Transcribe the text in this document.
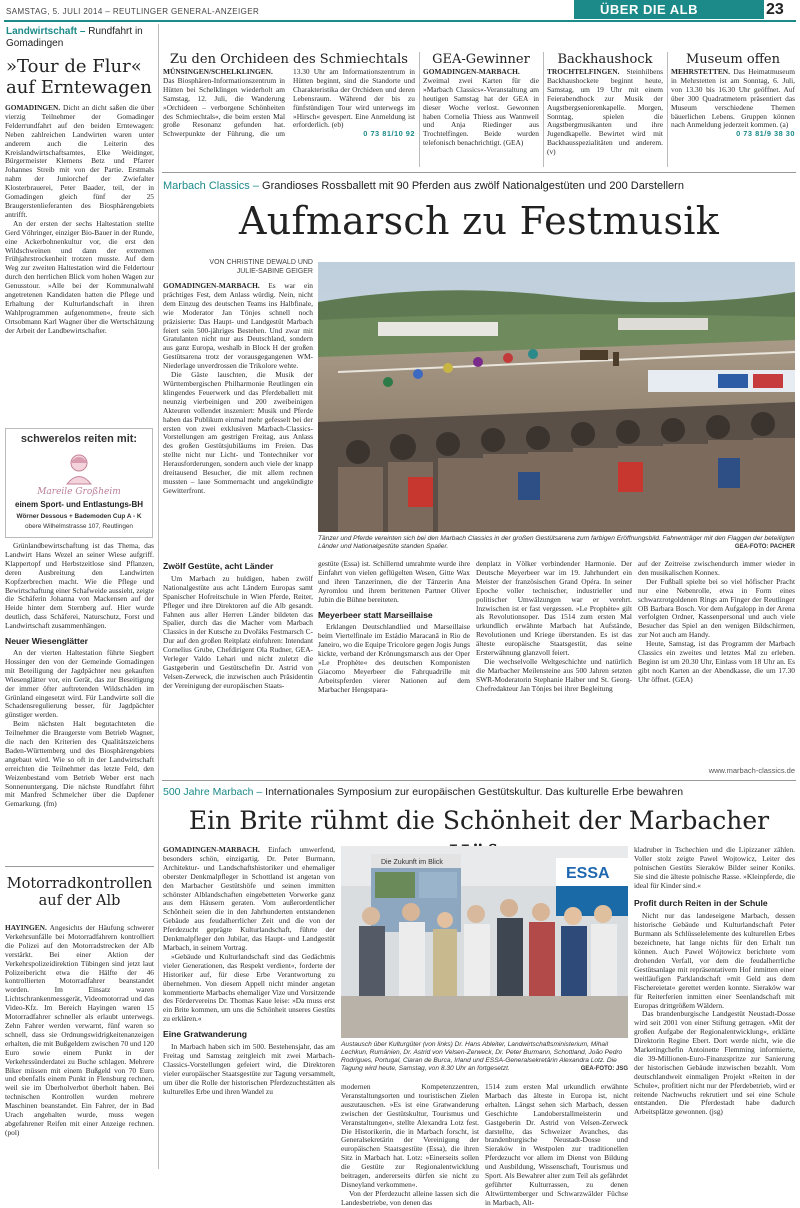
SAMSTAG, 5. JULI 2014 – REUTLINGER GENERAL-ANZEIGER	ÜBER DIE ALB	23
Landwirtschaft – Rundfahrt in Gomadingen
»Tour de Flur« auf Erntewagen

GOMADINGEN. Dicht an dicht saßen die über vierzig Teilnehmer der Gomadinger Felderrundfahrt auf den beiden Erntewagen: Neben zahlreichen Landwirten waren unter anderem auch die Leiterin des Kreislandwirtschaftsamtes, Elke Weidinger, Bürgermeister Klemens Betz und Pfarrer Johannes Streib mit von der Partie. Erstmals nahm der Juniorchef der Zwiefalter Klosterbrauerei, Peter Baader, teil, der in Gomadingen gleich fünf der 25 Braugerstenlieferanten des Biosphärengebiets antrifft.

An der ersten der sechs Haltestation stellte Gerd Vöhringer, einziger Bio-Bauer in der Runde, eine Ackerbohnenkultur vor, die erst den Wildschweinen und dann der extremen Frühjahrstrockenheit trotzen musste. Auf dem Weg zur zweiten Haltestation wird die Feldertour durch den herrlichen Blick vom hohen Wagen zur Genusstour. »Alle bei der Kommunalwahl angetretenen Kandidaten hatten die Pflege und Erhaltung der Kulturlandschaft in ihren Wahlprogrammen aufgenommen«, freute sich Ortsobmann Karl Wagner über die Wertschätzung der Arbeit der Landbewirtschafter.

schwerelos reiten mit:
Mareile Großheim
einem Sport- und Entlastungs-BH
Wörner Dessous + Bademoden Cup A - K
obere Wilhelmstrasse 107, Reutlingen

Grünlandbewirtschaftung ist das Thema, das Landwirt Hans Wezel an seiner Wiese aufgriff. Klappertopf und Herbstzeitlose sind Pflanzen, deren Ausbreitung den Landwirten Kopfzerbrechen macht. Wie die Pflege und Bewirtschaftung einer Schafweide aussieht, zeigte die Schäferin Johanna von Mackensen auf der Heide hinter dem Sternberg auf. Hier wurde deutlich, dass Schäferei, Naturschutz, Forst und Landwirtschaft zusammenhängen.

Neuer Wiesenglätter

An der vierten Haltestation führte Siegbert Hossinger den von der Gemeinde Gomadingen mit Beteiligung der Jagdpächter neu gekauften Wiesenglätter vor, ein Gerät, das zur Beseitigung der immer öfter auftretenden Wildschäden im Grünland eingesetzt wird. Für Landwirte soll die Schadensregulierung besser, für Jagdpächter günstiger werden.

Beim nächsten Halt begutachteten die Teilnehmer die Braugerste vom Betrieb Wagner, die nach den Kriterien des Qualitätszeichens Baden-Württemberg und des Biosphärengebiets angebaut wird. Wie so oft in der Landwirtschaft erreichten die Teilnehmer das letzte Feld, den Weizenbestand vom Betrieb Weber erst nach Sonnenuntergang. Die nächste Rundfahrt führt mit Manfred Schmelcher über die Dapfener Gemarkung. (fm)

Motorradkontrollen auf der Alb

HAYINGEN. Angesichts der Häufung schwerer Verkehrsunfälle bei Motorradfahrern kontrolliert die Polizei auf den Motorradstrecken der Alb verstärkt. Bei einer Aktion der Verkehrspolizeidirektion Tübingen sind jetzt laut Polizeibericht etwa die Hälfte der 46 kontrollierten Motorradfahrer beanstandet worden. Im Einsatz waren Lichtschrankenmessgerät, Videomotorrad und das Video-Kfz. Im Bereich Hayingen waren 15 Motorradfahrer schneller als erlaubt unterwegs. Zehn Fahrer werden verwarnt, fünf waren so schnell, dass sie Ordnungswidrigkeitenanzeigen erhalten, die mit Bußgeldern zwischen 70 und 120 Euro sowie einem Punkt in der Verkehrssünderdatei zu Buche schlagen. Mehrere Biker müssen mit einem Bußgeld von 70 Euro und ebenfalls einem Punkt in Flensburg rechnen, weil sie im Überholverbot überholt haben. Bei technischen Kontrollen wurden mehrere Maschinen beanstandet. Ein Fahrer, der in Bad Urach angehalten wurde, muss wegen abgefahrener Reifen mit einer Anzeige rechnen. (pol)

Zu den Orchideen des Schmiechtals

MÜNSINGEN/SCHELKLINGEN. Das Biosphären-Informationszentrum in Hütten bei Schelklingen wiederholt am Samstag, 12. Juli, die Wanderung »Orchideen – verborgene Schönheiten des Schmiechtals«, die beim ersten Mal große Resonanz gefunden hat. Schwerpunkte der Führung, die um 13.30 Uhr am Informationszentrum in Hütten beginnt, sind die Standorte und Charakteristika der Orchideen und deren Lebensraum. Während der bis zu fünfstündigen Tour wird unterwegs im »Hirsch« gevespert. Eine Anmeldung ist erforderlich. (eb)

0 73 81/10 92

GEA-Gewinner

GOMADINGEN-MARBACH. Zweimal zwei Karten für die »Marbach Classics«-Veranstaltung am heutigen Samstag hat der GEA in dieser Woche verlost. Gewonnen haben Cornelia Thiess aus Wannweil und Anja Riedinger aus Trochtelfingen. Beide wurden telefonisch benachrichtigt. (GEA)

Backhaushock

TROCHTELFINGEN. Steinhilbens Backhaushockete beginnt heute, Samstag, um 19 Uhr mit einem Feierabendhock zur Musik der Augstbergseniorenkapelle. Morgen, Sonntag, spielen die Augstbergmusikanten und ihre Jugendkapelle. Bewirtet wird mit Backhausspezialitäten und anderem. (v)

Museum offen

MEHRSTETTEN. Das Heimatmuseum in Mehrstetten ist am Sonntag, 6. Juli, von 13.30 bis 16.30 Uhr geöffnet. Auf über 300 Quadratmetern präsentiert das Museum verschiedene Themen bäuerlichen Lebens. Gruppen können nach Anmeldung jederzeit kommen. (a)

0 73 81/9 38 30

Marbach Classics – Grandioses Rossballett mit 90 Pferden aus zwölf Nationalgestüten und 200 Darstellern
Aufmarsch zu Festmusik
VON CHRISTINE DEWALD UND
JULIE-SABINE GEIGER

GOMADINGEN-MARBACH. Es war ein prächtiges Fest, dem Anlass würdig. Nein, nicht dem Einzug des deutschen Teams ins Halbfinale, wie Moderator Jan Tönjes schnell noch präzisierte: Das Haupt- und Landgestüt Marbach feiert sein 500-jähriges Bestehen. Und zwar mit Gratulanten nicht nur aus Deutschland, sondern aus ganz Europa, weshalb in Block H der großen Gestütsarena trotz der vorausgegangenen WM-Niederlage unverdrossen die Trikolore wehte.

Die Gäste lauschten, die Musik der Württembergischen Philharmonie Reutlingen ein klingendes Feuerwerk und das Pferdeballett mit neunzig vierbeinigen und 200 zweibeinigen Akteuren vollendet inszeniert: Musik und Pferde haben das Publikum einmal mehr gefesselt bei der ersten von zwei exklusiven Marbach-Classics-Vorstellungen am gestrigen Freitag, aus Anlass des großen Gestütsjubiläums im Freien. Das stellte nicht nur Licht- und Tontechniker vor Herausforderungen, sondern auch viele der knapp dreitausend Besucher, die mit allem rechnen mussten – laue Sommernacht und angekündigte Gewitterfront.

Tänzer und Pferde vereinten sich bei den Marbach Classics in der großen Gestütsarena zum farbigen Eröffnungsbild. Fahnenträger mit den Flaggen der beteiligten Länder und Nationalgestüte standen Spalier.	GEA-FOTO: PACHER
Zwölf Gestüte, acht Länder

Um Marbach zu huldigen, haben zwölf Nationalgestüte aus acht Ländern Europas samt Spanischer Hofreitschule in Wien Pferde, Reiter, Pfleger und ihre Direktoren auf die Alb gesandt. Fahnen aus aller Herren Länder bildeten das Spalier, durch das die Macher vom Marbach Classics in der Kutsche zu Dvořáks Festmarsch C-Dur auf den großen Reitplatz einfuhren: Intendant Cornelius Grube, Chefdirigent Ola Rudner, GEA-Verleger Valdo Lehari und nicht zuletzt die Gastgeberin und Gestütschefin Dr. Astrid von Velsen-Zerweck, die inzwischen auch Präsidentin der Vereinigung der europäischen Staats-

gestüte (Essa) ist. Schillernd umrahmte wurde ihre Einfahrt von vielen geflügelten Wesen, Gitte Wax und ihren Tanzerinnen, die der Tänzerin Ana Ayromlou und ihrem berittenen Partner Oliver Jubin die Bühne bereiteten.

Meyerbeer statt Marseillaise

Erklangen Deutschlandlied und Marseillaise beim Viertelfinale im Estádio Maracanã in Rio de Janeiro, wo die Equipe Tricolore gegen Jogis Jungs kickte, verband der Krönungsmarsch aus der Oper »Le Prophète« des deutschen Komponisten Giacomo Meyerbeer die Fahrquadrille mit Arbeitspferden vierer Nationen auf dem Marbacher Hengstpara-

denplatz in Völker verbindender Harmonie. Der Deutsche Meyerbeer war im 19. Jahrhundert ein Meister der französischen Grand Opéra. In seiner Epoche voller technischer, industrieller und politischer Umwälzungen war er verehrt. Inzwischen ist er fast vergessen. »Le Prophète« gilt als Revolutionsoper. Das 1514 zum ersten Mal urkundlich erwähnte Marbach hat Aufstände, Revolutionen und Kriege überstanden. Es ist das älteste europäische Staatsgestüt, das seine Ersterwähnung glanzvoll feiert.

Die wechselvolle Weltgeschichte und natürlich die Marbacher Meilensteine aus 500 Jahren setzten SWR-Moderatorin Stephanie Haiber und St. Georg-Chefredakteur Jan Tönjes bei ihrer Begleitung

auf der Zeitreise zwischendurch immer wieder in den musikalischen Konnex.

Der Fußball spielte bei so viel höfischer Pracht nur eine Nebenrolle, etwa in Form eines schwarzrotgoldenen Rings am Finger der Reutlinger OB Barbara Bosch. Vor dem Aufgalopp in der Arena verfolgten Ordner, Kassenpersonal und auch viele Besucher das Spiel an den wenigen Bildschirmen, zur Not auch am Handy.

Heute, Samstag, ist das Programm der Marbach Classics ein zweites und letztes Mal zu erleben. Beginn ist um 20.30 Uhr, Einlass vom 18 Uhr an. Es gibt noch Karten an der Abendkasse, die um 17.30 Uhr öffnet. (GEA)

www.marbach-classics.de
500 Jahre Marbach – Internationales Symposium zur europäischen Gestütskultur. Das kulturelle Erbe bewahren
Ein Brite rühmt die Schönheit der Marbacher

GOMADINGEN-MARBACH. Einfach umwerfend, besonders schön, einzigartig. Dr. Peter Burmann, Architektur- und Landschaftshistoriker und ehemaliger oberster Denkmalpfleger in Schottland ist angetan von den Marbacher Gestütshöfe und seinen immitten schönster Alblandschaften eingebetteten Vorwerke ganz aus dem Häusern geraten. Vom außerordentlicher Schönheit seien die in den Jahrhunderten entstandenen Gebäude aus feudalherrlicher Zeit und die von der Pferdezucht geprägte Kulturlandschaft, führte der Denkmalpfleger den Jubilar, das Haupt- und Landgestüt Marbach, in seinem Vortrag.

»Gebäude und Kulturlandschaft sind das Gedächtnis vieler Generationen, das Respekt verdient«, forderte der Historiker auf, für diese Erbe Verantwortung zu übernehmen. Von diesem Appell nicht minder angetan kommentierte Marbachs ehemaliger Vize und Vorsitzende des Fördervereins Dr. Thomas Kaue leise: »Da muss erst ein Brite kommen, um uns die Schönheit unseres Gestüts zu erklären.«

Eine Gratwanderung

In Marbach haben sich im 500. Bestehensjahr, das am Freitag und Samstag zeitgleich mit zwei Marbach-Classics-Vorstellungen gefeiert wird, die Direktoren vieler europäischer Staatsgestüte zur Tagung versammelt, um über die Rolle der historischen Pferdezuchtstätten als kulturelles Erbe und ihren Wandel zu

Die Zukunft im Blick
ESSA
Austausch über Kulturgüter (von links) Dr. Hans Ableiter, Landwirtschaftsministerium, Mihail Lechkun, Rumänien, Dr. Astrid von Velsen-Zerweck, Dr. Peter Burmann, Schottland, João Pedro Rodrigues, Portugal, Ciaran de Burca, Irland und ESSA-Generalsekretärin Alexandra Lotz. Die Tagung wird heute, Samstag, von 8.30 Uhr an fortgesetzt.	GEA-FOTO: JSG

modernen Kompetenzzentren, Veranstaltungsorten und touristischen Zielen auszutauschen. »Es ist eine Gratwanderung zwischen der Gestütskultur, Tourismus und Veranstaltungen«, stellte Alexandra Lotz fest. Die Historikerin, die in Marbach forscht, ist Generalsekretärin der Vereinigung der europäischen Staatsgestüte (Essa), die ihren Sitz in Marbach hat. Lotz: »Einerseits sollen die Gestüte zur Regionalentwicklung beitragen, andererseits dürfen sie nicht zu Disneyland verkommen«.

Von der Pferdezucht alleine lassen sich die Landesbetriebe, von denen das

1514 zum ersten Mal urkundlich erwähnte Marbach das älteste in Europa ist, nicht erhalten. Längst sehen sich Marbach, dessen Geschichte Landoberstallmeisterin und Gastgeberin Dr. Astrid von Velsen-Zerweck darstellte, das Schweizer Avanches, das brandenburgische Neustadt-Dosse und Sieraków in Westpolen zur traditionellen Pferdezucht vor allem im Dienst von Bildung und Ausbildung, Wissenschaft, Tourismus und Sport. Als Bewahrer alter zum Teil als gefährdet geführter Kulturrassen, zu denen Altwürttemberger und Schwarzwälder Füchse in Marbach, Alt-

kladruber in Tschechien und die Lipizzaner zählen. Voller stolz zeigte Pawel Wojtowicz, Leiter des polnischen Gestüts Sieraków Bilder seiner Koniks. Sie sind die älteste polnische Rasse. »Kleinpferde, die ideal für Kinder sind.«

Profit durch Reiten in der Schule

Nicht nur das landeseigene Marbach, dessen historische Gebäude und Kulturlandschaft Peter Burmann als Schlüsselelemente des kulturellen Erbes bezeichnete, hat lange nichts für den Erhalt tun können. Auch Pawel Wójtowicz berichtete vom drohenden Verfall, vor dem die feudalherrliche Gestütsanlage mit repräsentativem Hof inmitten einer weitläufigen Parklandschaft »mit Geld aus dem Fischereietat« gerettet werden konnte. Sieraków war für Reiterferien inmitten einer Seenlandschaft mit Europas drittgrößem Wäldern.

Das brandenburgische Landgestüt Neustadt-Dosse wird seit 2001 von einer Stiftung getragen. »Mit der großen Aufgabe der Regionalentwicklung«, erklärte Direktorin Regine Ebert. Dort werde nicht, wie die Marketingchefin Antoinette Flemming informierte, die 39-Millionen-Euro-Finanzspritze zur Sanierung der historischen Gebäude inzwischen bezahlt. Vom deutschlandweit einmaligen Projekt »Reiten in der Schule«, profitiert nicht nur der Pferdebetrieb, wird er reitende Nachwuchs rekrutiert und sei eine Schule entstanden. Die Pferdestadt habe dadurch Arbeitsplätze gewonnen. (jsg)
